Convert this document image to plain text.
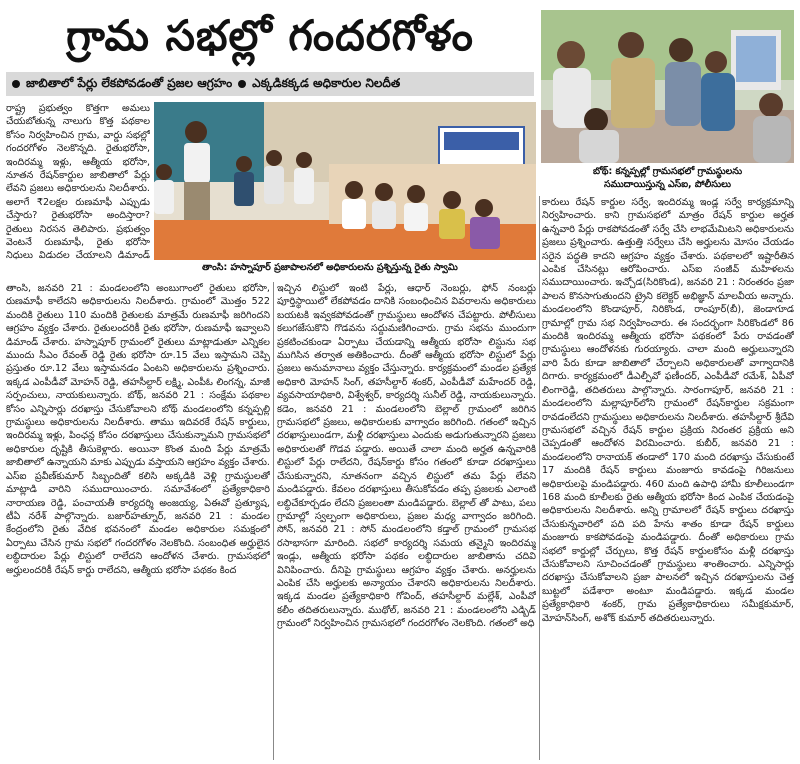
గ్రామ సభల్లో గందరగోళం
జాబితాలో పేర్లు లేకపోవడంతో ప్రజల ఆగ్రహం ఎక్కడికక్కడ అధికారుల నిలదీత
బోథ్: కన్నప్పల్లో గ్రామసభలో గ్రామస్థులను
సముదాయిస్తున్న ఎస్ఐ, పోలీసులు
తాంసి: హస్నాపూర్ ప్రజాపాలనలో అధికారులను ప్రశ్నిస్తున్న రైతు స్వామి

రాష్ట్ర ప్రభుత్వం కొత్తగా అమలు చేయబోతున్న నాలుగు కొత్త పథకాల కోసం నిర్వహించిన గ్రామ, వార్డు సభల్లో గందరగోళం నెలకొన్నది. రైతుభరోసా, ఇందిరమ్మ ఇళ్లు, ఆత్మీయ భరోసా, నూతన రేషన్‌కార్డుల జాబితాలో పేర్లు లేవని ప్రజలు అధికారులను నిలదీశారు. అలాగే ₹2లక్షల రుణమాఫీ ఎప్పుడు చేస్తారు? రైతుభరోసా అందిస్తారా? రైతులు నిరసన తెలిపారు. ప్రభుత్వం వెంటనే రుణమాఫీ, రైతు భరోసా నిధులు విడుదల చేయాలని డిమాండ్

తాంసి, జనవరి 21 : మండలంలోని అంబుగాంలో రైతులు భరోసా, రుణమాఫీ కాలేదని అధికారులను నిలదీశారు. గ్రామంలో మొత్తం 522 మందికి రైతులు 110 మందికి రైతులకు మాత్రమే రుణమాఫీ జరిగిందని ఆగ్రహం వ్యక్తం చేశారు. రైతులందరికీ రైతు భరోసా, రుణమాఫీ ఇవ్వాలని డిమాండ్ చేశారు. హస్నాపూర్ గ్రామంలో రైతులు మాట్లాడుతూ ఎన్నికల ముందు సీఎం రేవంత్ రెడ్డి రైతు భరోసా రూ.15 వేలు ఇస్తామని చెప్పి ప్రస్తుతం రూ.12 వేలు ఇస్తామనడం ఏంటని అధికారులను ప్రశ్నించారు. ఇక్కడ ఎంపీడీవో మోహన్ రెడ్డి, తహసీల్దార్ లక్ష్మి, ఎంపీఓ లింగన్న, మాజీ సర్పంచులు, నాయకులున్నారు. బోథ్, జనవరి 21 : సంక్షేమ పథకాల కోసం ఎన్నిసార్లు దరఖాస్తు చేసుకోవాలని బోథ్ మండలంలోని కన్నప్పల్లి గ్రామస్థులు అధికారులను నిలదీశారు. తాము ఇదివరకే రేషన్ కార్డులు, ఇందిరమ్మ ఇళ్లు, పింఛన్ల కోసం దరఖాస్తులు చేసుకున్నామని గ్రామసభలో అధికారుల దృష్టికి తీసుకెళ్లారు. అయినా కొంత మంది పేర్లు మాత్రమే జాబితాలో ఉన్నాయని మాకు ఎప్పుడు వస్తాయని ఆగ్రహం వ్యక్తం చేశారు. ఎస్ఐ ప్రవీణ్‌కుమార్ సిబ్బందితో కలిసి అక్కడికి వెళ్లి గ్రామస్థులతో మాట్లాడి వారిని సముదాయించారు. సమావేశంలో ప్రత్యేకాధికారి నారాయణ రెడ్డి, పంచాయతీ కార్యదర్శి అంజయ్య, ఏఈవో ప్రత్యూష, టీఏ నరేశ్ పాల్గొన్నారు. బజార్‌హత్నూర్, జనవరి 21 : మండల కేంద్రంలోని రైతు వేదిక భవనంలో మండల అధికారుల సమక్షంలో ఏర్పాటు చేసిన గ్రామ సభలో గందరగోళం నెలకొంది. సంబంధిత అర్హులైన లబ్ధిదారుల పేర్లు లిస్టులో రాలేదని ఆందోళన చేశారు. గ్రామసభలో అర్హులందరికీ రేషన్ కార్డు రాలేదని, ఆత్మీయ భరోసా పథకం కింద

ఇచ్చిన లిస్టులో ఇంటి పేర్లు, ఆధార్ నెంబర్లు, ఫోన్ నంబర్లు పూర్తిస్థాయిలో లేకపోవడం దానికి సంబంధించిన వివరాలను అధికారులు బయటకి ఇవ్వకపోవడంతో గ్రామస్థులు ఆందోళన చేపట్టారు. పోలీసులు కలుగజేసుకొని గొడవను సద్దుమణిగించారు. గ్రామ సభను ముందుగా ప్రకటించకుండా ఏర్పాటు చేయడాన్ని ఆత్మీయ భరోసా లిస్టును సభ ముగిసిన తర్వాత అతికించారు. దీంతో ఆత్మీయ భరోసా లిస్టులో పేర్లు ప్రజలు అనుమానాలు వ్యక్తం చేస్తున్నారు. కార్యక్రమంలో మండల ప్రత్యేక అధికారి మోహన్ సింగ్, తహసీల్దార్ శంకర్, ఎంపీడీవో మహేందర్ రెడ్డి, వ్యవసాయాధికారి, విశ్వేశ్వర్, కార్యదర్శి సునీల్ రెడ్డి, నాయకులున్నారు. కడెం, జనవరి 21 : మండలంలోని బెల్లాల్ గ్రామంలో జరిగిన గ్రామసభలో ప్రజలు, అధికారులకు వాగ్వాదం జరిగింది. గతంలో ఇచ్చిన దరఖాస్తులుండగా, మళ్లీ దరఖాస్తులు ఎందుకు అడుగుతున్నారని ప్రజలు అధికారులతో గొడవ పడ్డారు. అయితే చాలా మంది అర్హత ఉన్నవారికి లిస్టులో పేర్లు రాలేదని, రేషన్‌కార్డు కోసం గతంలో కూడా దరఖాస్తులు చేసుకున్నారని, నూతనంగా వచ్చిన లిస్టులో తమ పేర్లు లేవని మండిపడ్డారు. కేవలం దరఖాస్తులు తీసుకోవడం తప్ప ప్రజలకు ఎలాంటి లబ్ధిచేకూర్చడం లేదని ప్రజలంతా మండిపడ్డారు. బెల్లాల్ తో పాటు, పలు గ్రామాల్లో స్వల్పంగా అధికారులు, ప్రజల మధ్య వాగ్వాదం జరిగింది. సోన్, జనవరి 21 : సోన్ మండలంలోని కడ్తాల్ గ్రామంలో గ్రామసభ రసాభాసగా మారింది. సభలో కార్యదర్శి సమయ తన్మైని ఇందిరమ్మ ఇండ్లు, ఆత్మీయ భరోసా పథకం లబ్ధిదారుల జాబితాను చదివి వినిపించారు. దీనిపై గ్రామస్థులు ఆగ్రహం వ్యక్తం చేశారు. అనర్హులను ఎంపిక చేసి అర్హులకు అన్యాయం చేశారని అధికారులను నిలదీశారు. ఇక్కడ మండల ప్రత్యేకాధికారి గోవింద్, తహసీల్దార్ మల్లేశ్, ఎంపీవో కలీం తదితరులున్నారు. ముథోల్, జనవరి 21 : మండలంలోని ఎడ్బిడ్ గ్రామంలో నిర్వహించిన గ్రామసభలో గందరగోళం నెలకొంది. గతంలో అధి

కారులు రేషన్ కార్డుల సర్వే, ఇందిరమ్మ ఇండ్ల సర్వే కార్యక్రమాన్ని నిర్వహించారు. కాని గ్రామసభలో మాత్రం రేషన్ కార్డుల అర్హత ఉన్నవారి పేర్లు రాకపోవడంతో సర్వే చేసి లాభమేమిటని అధికారులను ప్రజలు ప్రశ్నించారు. ఉత్తుత్తి సర్వేలు చేసి అర్హులను మోసం చేయడం సరైన పద్ధతి కాదని ఆగ్రహం వ్యక్తం చేశారు. పథకాలలో ఇష్టారీతిన ఎంపిక చేసినట్లు ఆరోపించారు. ఎస్ఐ సంజీవ్ మహిళలను సముదాయించారు. ఇచ్చోడ(సిరికొండ), జనవరి 21 : నిరంతరం ప్రజా పాలన కొనసాగుతుందని ట్రైని కలెక్టర్ అభిజ్ఞాన్ మాలవీయ అన్నారు. మండలంలోని కొండాపూర్, నిరికొండ, రాంపూర్(బీ), జెండాగూడ గ్రామాల్లో గ్రామ సభ నిర్వహించారు. ఈ సందర్భంగా సిరికొండలో 86 మందికి ఇందిరమ్మ ఆత్మీయ భరోసా పథకంలో పేరు రావడంతో గ్రామస్థులు ఆందోళనకు గురయ్యారు. చాలా మంది అర్హులున్నారని వారి పేరు కూడా జాబితాలో చేర్చాలని అధికారులతో వాగ్వాదానికి దిగారు. కార్యక్రమంలో డీఎల్పీవో ఫణీందర్, ఎంపీడీవో రమేశ్, ఏపీవో లింగారెడ్డి, తదితరులు పాల్గొన్నారు. సారంగాపూర్, జనవరి 21 : మండలంలోని మల్లాపూర్‌లోని గ్రామంలో రేషన్‌కార్డుల సక్రమంగా రావడంలేదని గ్రామస్థులు అధికారులను నిలదీశారు. తహసీల్దార్ శ్రీదేవి గ్రామసభలో వచ్చిన రేషన్ కార్డుల ప్రక్రియ నిరంతర ప్రక్రియ అని చెప్పడంతో ఆందోళన విరమించారు. కుబీర్, జనవరి 21 : మండలంలోని రానాయక్ తండాలో 170 మంది దరఖాస్తు చేసుకుంటే 17 మందికి రేషన్ కార్డులు మంజూరు కావడంపై గిరిజనులు అధికారులపై మండిపడ్డారు. 460 మంది ఉపాధి హామీ కూలీలుండగా 168 మంది కూలీలకు రైతు ఆత్మీయ భరోసా కింద ఎంపిక చేయడంపై అధికారులను నిలదీశారు. అన్ని గ్రామాలలో రేషన్ కార్డులు దరఖాస్తు చేసుకున్నవారిలో పది పది హేను శాతం కూడా రేషన్ కార్డులు మంజూరు కాకపోవడంపై మండిపడ్డారు. దీంతో అధికారులు గ్రామ సభలో కార్డుల్లో చేర్చులు, కొత్త రేషన్ కార్డులకోసం మళ్లీ దరఖాస్తు చేసుకోవాలని సూచించడంతో గ్రామస్థులు శాంతించారు. ఎన్నిసార్లు దరఖాస్తు చేసుకోవాలని ప్రజా పాలనలో ఇచ్చిన దరఖాస్తులను చెత్త బుట్టలో పడేశారా అంటూ మండిపడ్డారు. ఇక్కడ మండల ప్రత్యేకాధికారి శంకర్, గ్రామ ప్రత్యేకాధికారులు సమీక్షకుమార్, మోహన్‌సింగ్, అశోక్ కుమార్ తదితరులున్నారు.
